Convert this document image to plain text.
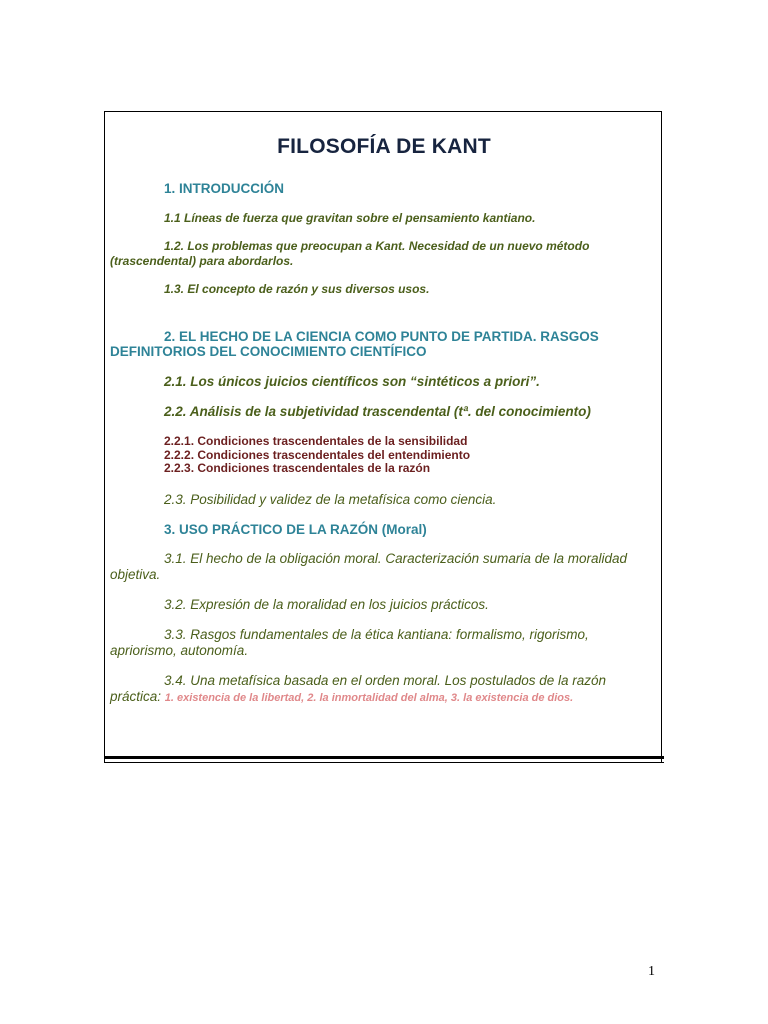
FILOSOFÍA DE KANT

1. INTRODUCCIÓN

1.1 Líneas de fuerza que gravitan sobre el pensamiento kantiano.

1.2. Los problemas que preocupan a Kant. Necesidad de un nuevo método (trascendental) para abordarlos.

1.3. El concepto de razón y sus diversos usos.

2. EL HECHO DE LA CIENCIA COMO PUNTO DE PARTIDA. RASGOS DEFINITORIOS DEL CONOCIMIENTO CIENTÍFICO

2.1. Los únicos juicios científicos son “sintéticos a priori”.

2.2. Análisis de la subjetividad trascendental (tª. del conocimiento)

2.2.1. Condiciones trascendentales de la sensibilidad

2.2.2. Condiciones trascendentales del entendimiento

2.2.3. Condiciones trascendentales de la razón

2.3. Posibilidad y validez de la metafísica como ciencia.

3. USO PRÁCTICO DE LA RAZÓN (Moral)

3.1. El hecho de la obligación moral. Caracterización sumaria de la moralidad objetiva.

3.2. Expresión de la moralidad en los juicios prácticos.

3.3. Rasgos fundamentales de la ética kantiana: formalismo, rigorismo, apriorismo, autonomía.

3.4. Una metafísica basada en el orden moral. Los postulados de la razón práctica: 1. existencia de la libertad, 2. la inmortalidad del alma, 3. la existencia de dios.

1
